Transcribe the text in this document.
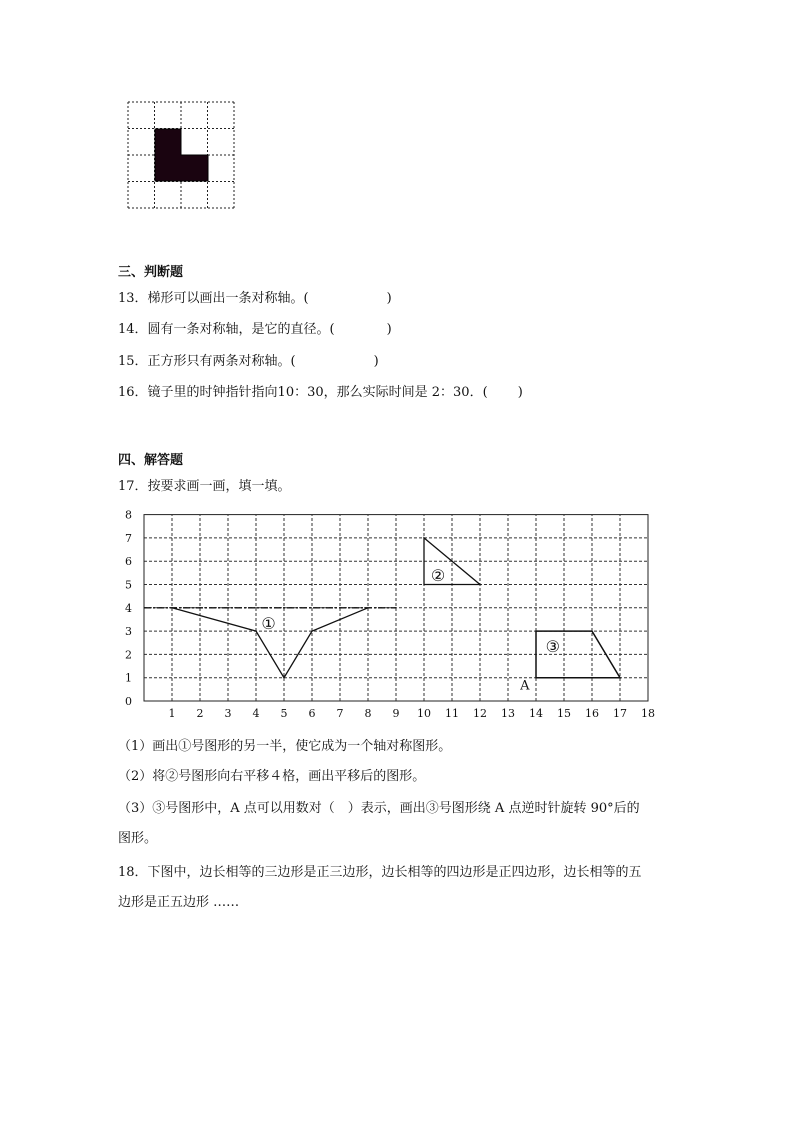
三、判断题
13．梯形可以画出一条对称轴。(　　　　　　)
14．圆有一条对称轴，是它的直径。(　　　　)
15．正方形只有两条对称轴。(　　　　　　)
16．镜子里的时钟指针指向10：30，那么实际时间是 2：30．(　　 )
四、解答题
17．按要求画一画，填一填。
1 2 3 4 5 6 7 8 9 10 11 12 13 14 15 16 17 18
0
1
2
3
4
5
6
7
8
①
②
③
A
（1）画出①号图形的另一半，使它成为一个轴对称图形。
（2）将②号图形向右平移４格，画出平移后的图形。
（3）③号图形中，A 点可以用数对（　）表示，画出③号图形绕 A 点逆时针旋转 90°后的
图形。
18．下图中，边长相等的三边形是正三边形，边长相等的四边形是正四边形，边长相等的五
边形是正五边形 ……
